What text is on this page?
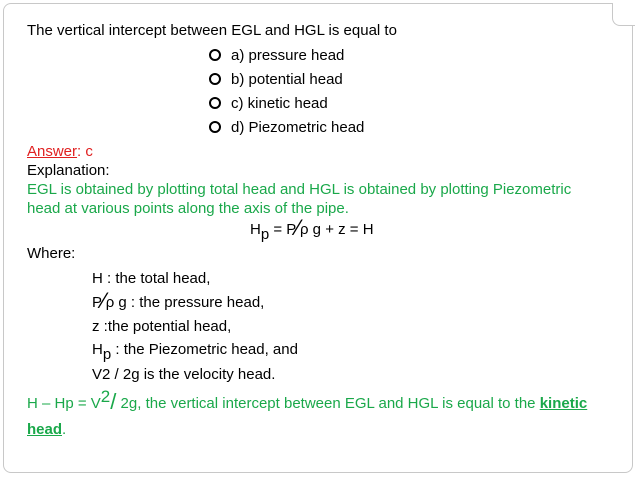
The vertical intercept between EGL and HGL is equal to
a) pressure head
b) potential head
c) kinetic head
d) Piezometric head
Answer: c
Explanation:
EGL is obtained by plotting total head and HGL is obtained by plotting Piezometric
head at various points along the axis of the pipe.
$H_p$ = P⁄ρ g + z = H
Where:
H : the total head,
P⁄ρ g : the pressure head,
z :the potential head,
$H_p$ : the Piezometric head, and
V2 / 2g is the velocity head.
$H - Hp = V^2/$ 2g, the vertical intercept between EGL and HGL is equal to the kinetic
head.
